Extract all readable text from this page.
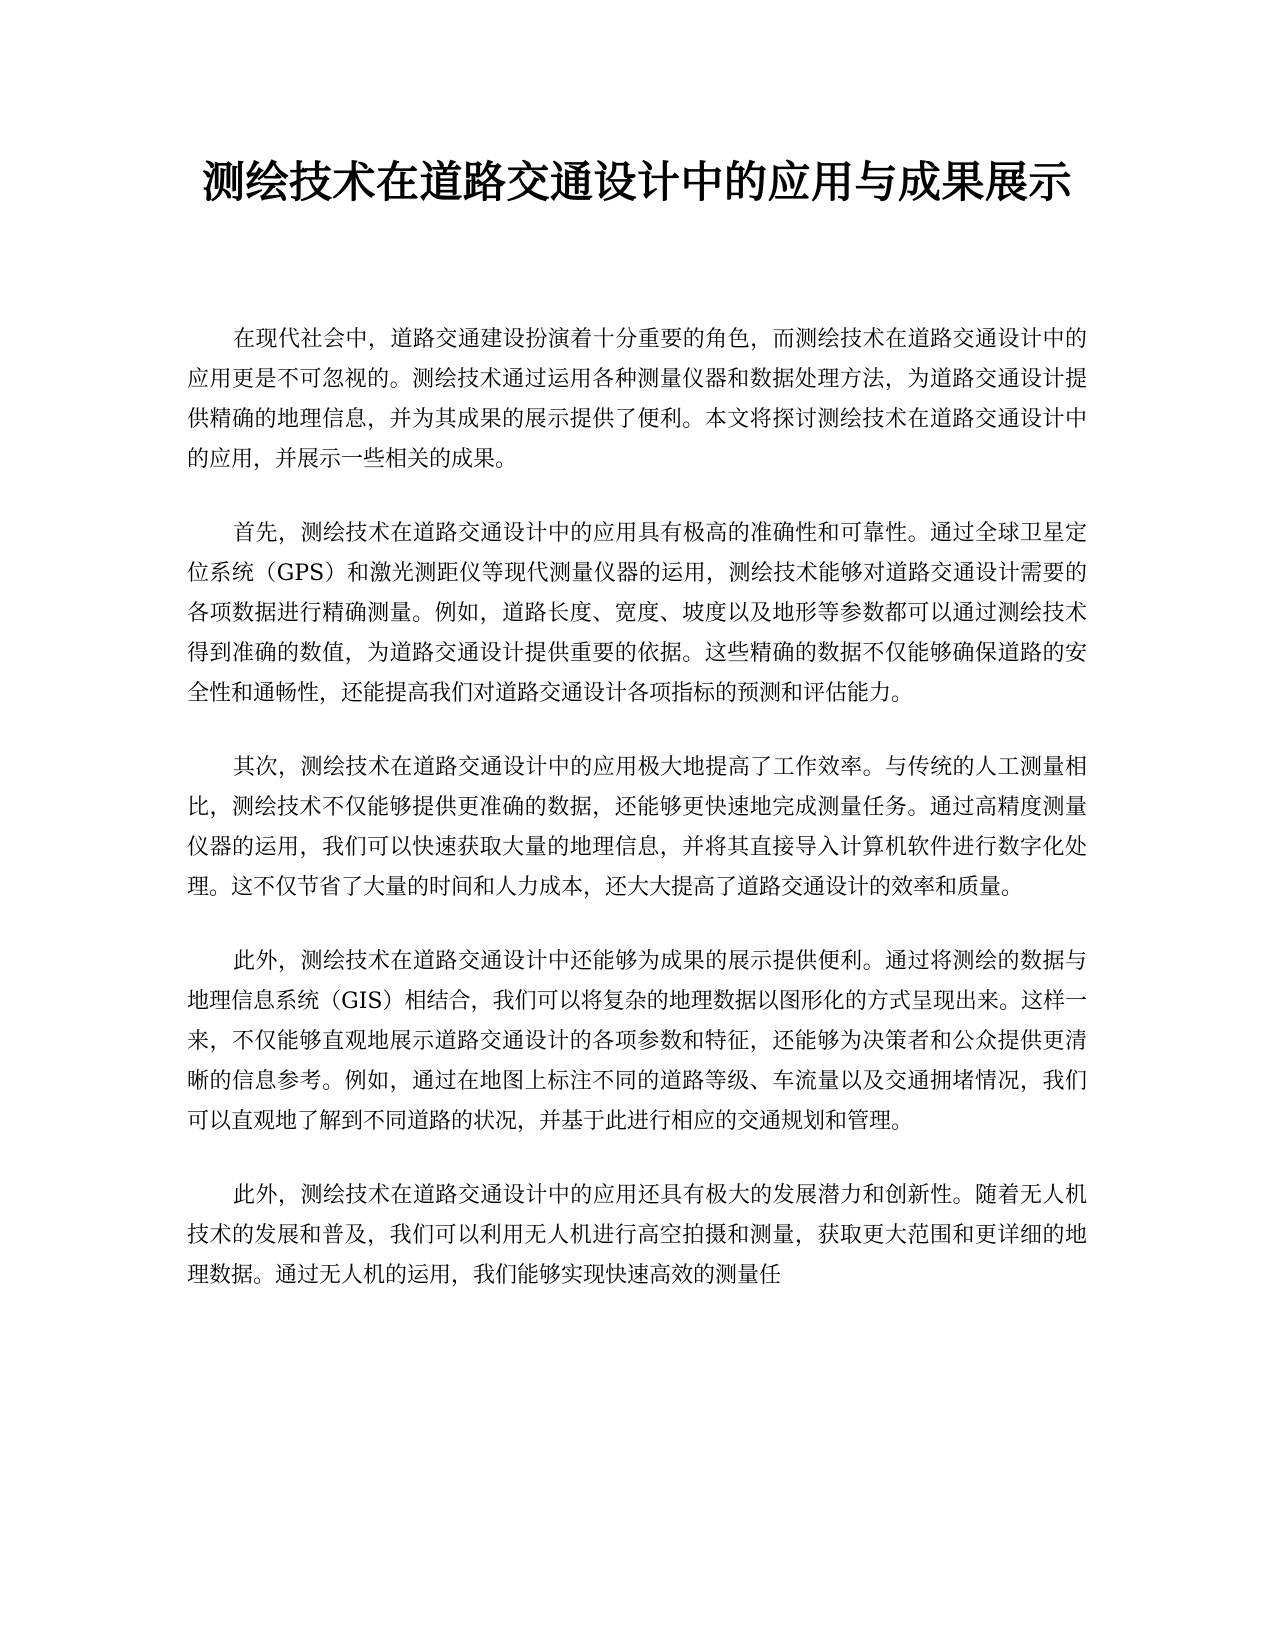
测绘技术在道路交通设计中的应用与成果展示

在现代社会中，道路交通建设扮演着十分重要的角色，而测绘技术在道路交通设计中的应用更是不可忽视的。测绘技术通过运用各种测量仪器和数据处理方法，为道路交通设计提供精确的地理信息，并为其成果的展示提供了便利。本文将探讨测绘技术在道路交通设计中的应用，并展示一些相关的成果。

首先，测绘技术在道路交通设计中的应用具有极高的准确性和可靠性。通过全球卫星定位系统（GPS）和激光测距仪等现代测量仪器的运用，测绘技术能够对道路交通设计需要的各项数据进行精确测量。例如，道路长度、宽度、坡度以及地形等参数都可以通过测绘技术得到准确的数值，为道路交通设计提供重要的依据。这些精确的数据不仅能够确保道路的安全性和通畅性，还能提高我们对道路交通设计各项指标的预测和评估能力。

其次，测绘技术在道路交通设计中的应用极大地提高了工作效率。与传统的人工测量相比，测绘技术不仅能够提供更准确的数据，还能够更快速地完成测量任务。通过高精度测量仪器的运用，我们可以快速获取大量的地理信息，并将其直接导入计算机软件进行数字化处理。这不仅节省了大量的时间和人力成本，还大大提高了道路交通设计的效率和质量。

此外，测绘技术在道路交通设计中还能够为成果的展示提供便利。通过将测绘的数据与地理信息系统（GIS）相结合，我们可以将复杂的地理数据以图形化的方式呈现出来。这样一来，不仅能够直观地展示道路交通设计的各项参数和特征，还能够为决策者和公众提供更清晰的信息参考。例如，通过在地图上标注不同的道路等级、车流量以及交通拥堵情况，我们可以直观地了解到不同道路的状况，并基于此进行相应的交通规划和管理。

此外，测绘技术在道路交通设计中的应用还具有极大的发展潜力和创新性。随着无人机技术的发展和普及，我们可以利用无人机进行高空拍摄和测量，获取更大范围和更详细的地理数据。通过无人机的运用，我们能够实现快速高效的测量任
